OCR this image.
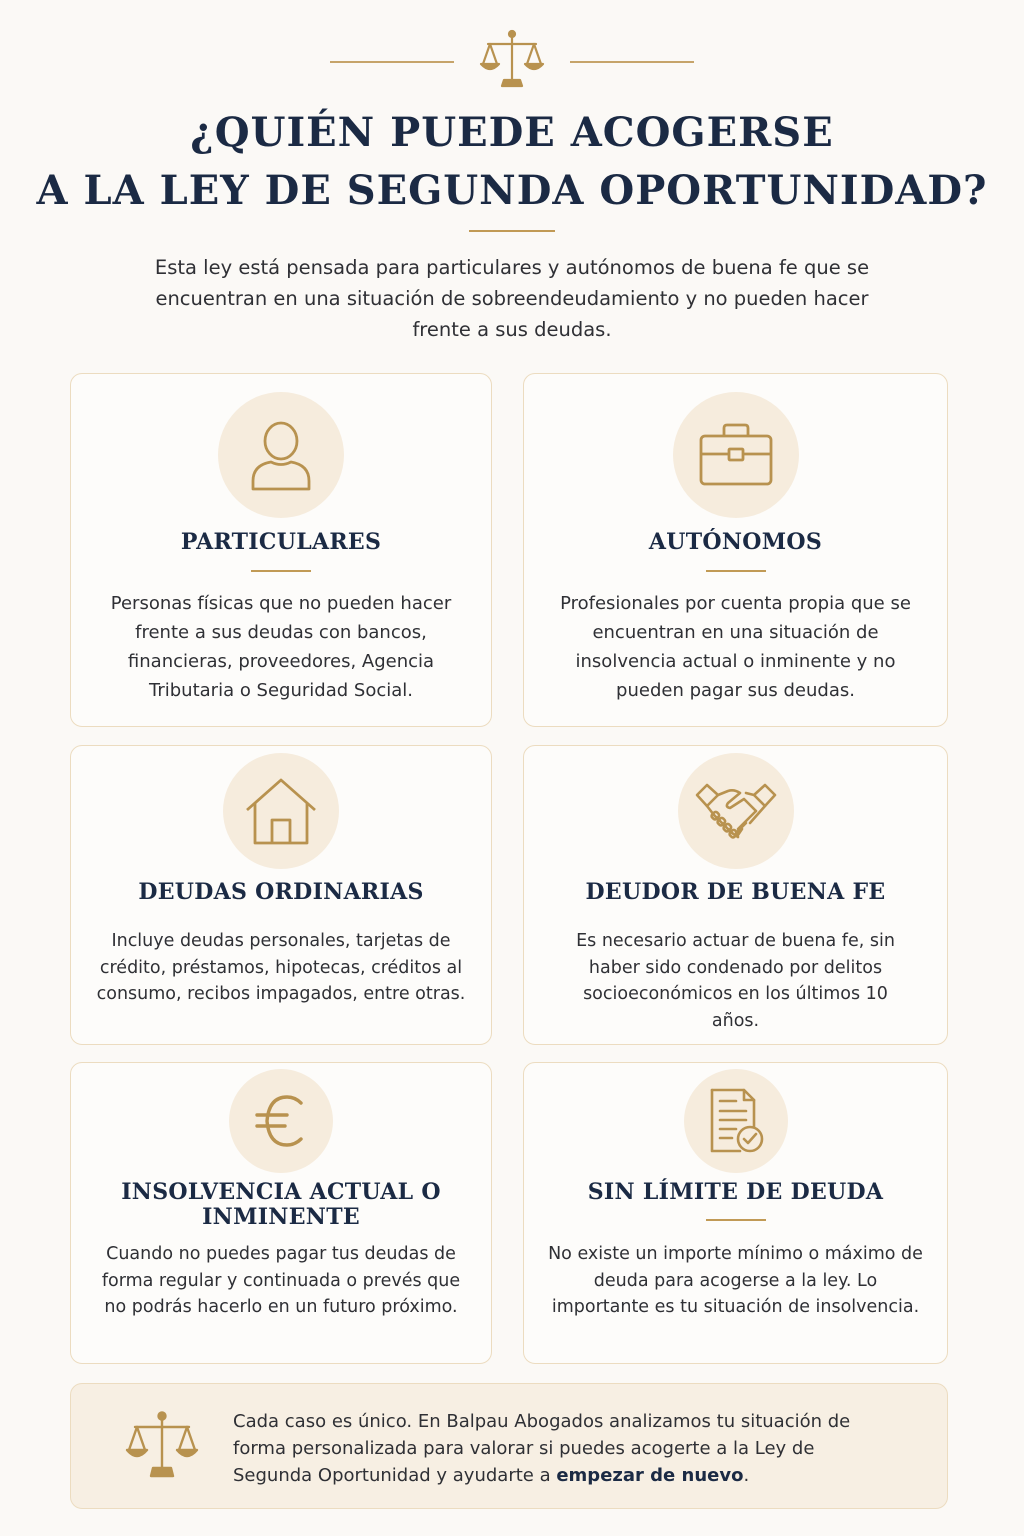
¿QUIÉN PUEDE ACOGERSE
A LA LEY DE SEGUNDA OPORTUNIDAD?

Esta ley está pensada para particulares y autónomos de buena fe que se encuentran en una situación de sobreendeudamiento y no pueden hacer frente a sus deudas.

PARTICULARES
Personas físicas que no pueden hacer frente a sus deudas con bancos, financieras, proveedores, Agencia Tributaria o Seguridad Social.
AUTÓNOMOS
Profesionales por cuenta propia que se encuentran en una situación de insolvencia actual o inminente y no pueden pagar sus deudas.
DEUDAS ORDINARIAS
Incluye deudas personales, tarjetas de crédito, préstamos, hipotecas, créditos al consumo, recibos impagados, entre otras.
DEUDOR DE BUENA FE
Es necesario actuar de buena fe, sin haber sido condenado por delitos socioeconómicos en los últimos 10 años.
INSOLVENCIA ACTUAL O INMINENTE
Cuando no puedes pagar tus deudas de forma regular y continuada o prevés que no podrás hacerlo en un futuro próximo.
SIN LÍMITE DE DEUDA
No existe un importe mínimo o máximo de deuda para acogerse a la ley. Lo importante es tu situación de insolvencia.

Cada caso es único. En Balpau Abogados analizamos tu situación de forma personalizada para valorar si puedes acogerte a la Ley de Segunda Oportunidad y ayudarte a empezar de nuevo.
